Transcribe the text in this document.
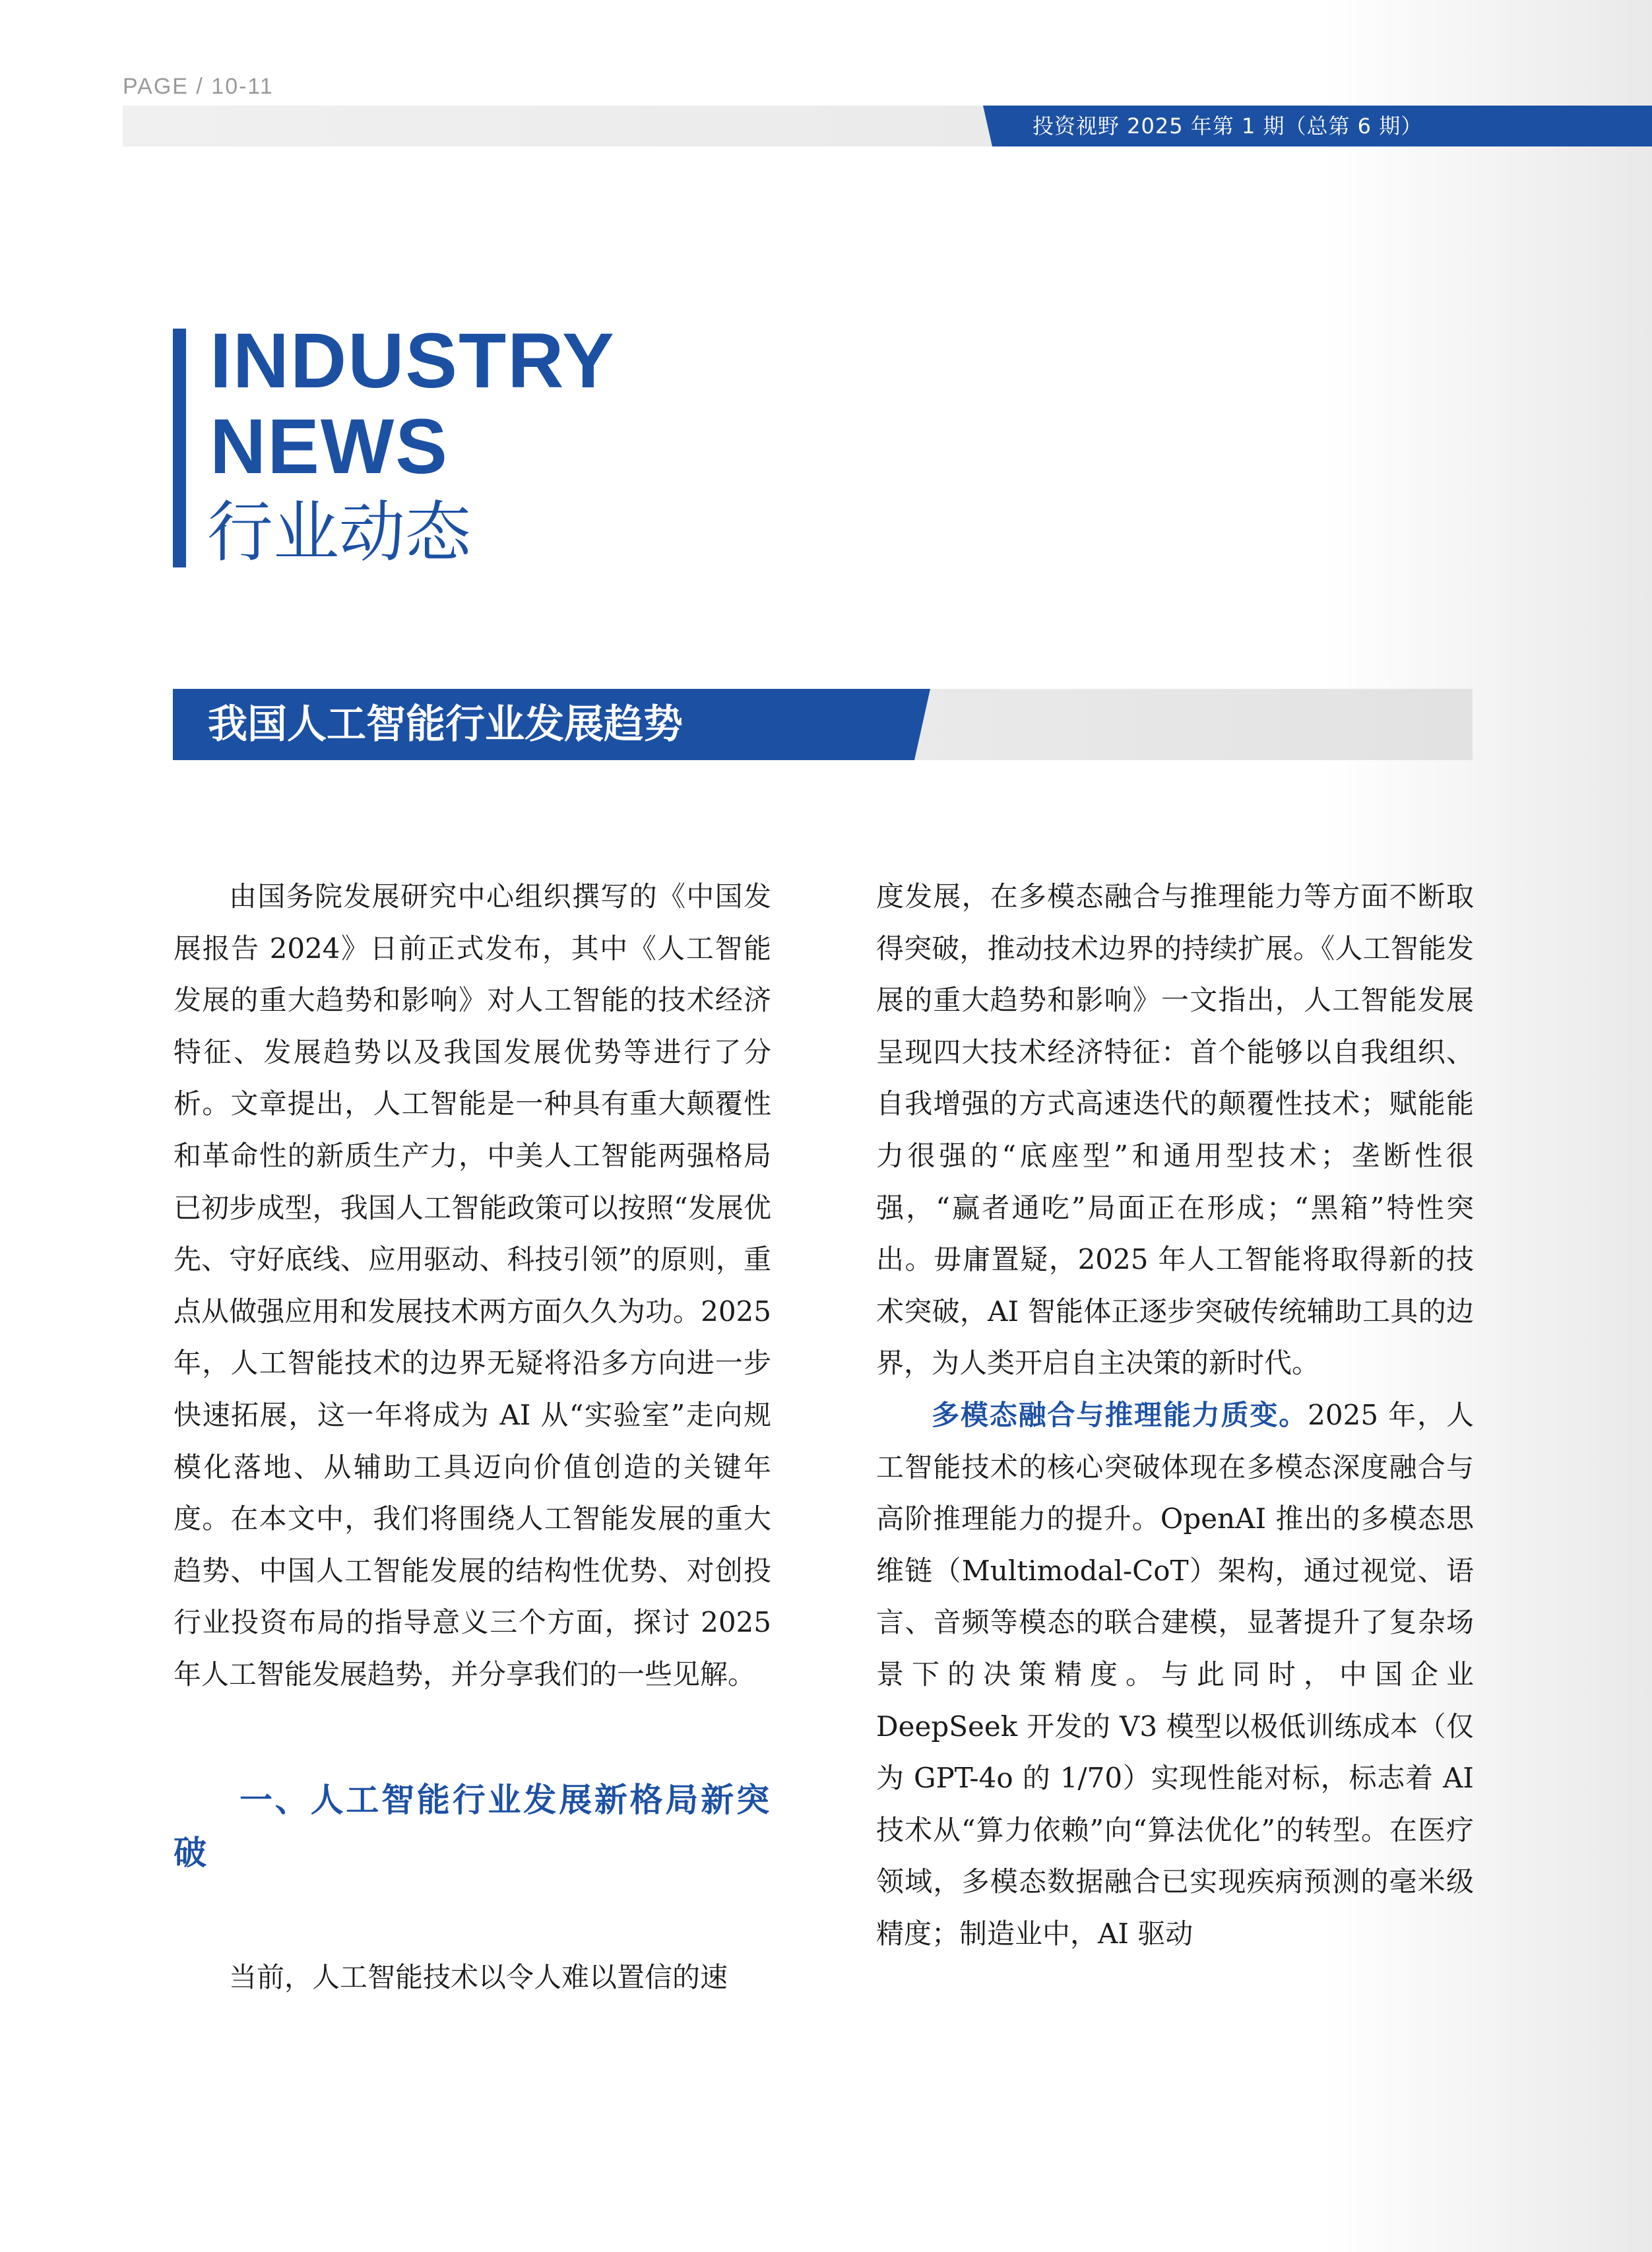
PAGE / 10-11
投资视野 2025 年第 1 期（总第 6 期）
INDUSTRY
NEWS
行业动态
我国人工智能行业发展趋势

由国务院发展研究中心组织撰写的《中国发展报告 2024》日前正式发布，其中《人工智能发展的重大趋势和影响》对人工智能的技术经济特征、发展趋势以及我国发展优势等进行了分析。文章提出，人工智能是一种具有重大颠覆性和革命性的新质生产力，中美人工智能两强格局已初步成型，我国人工智能政策可以按照“发展优先、守好底线、应用驱动、科技引领”的原则，重点从做强应用和发展技术两方面久久为功。2025 年，人工智能技术的边界无疑将沿多方向进一步快速拓展，这一年将成为 AI 从“实验室”走向规模化落地、从辅助工具迈向价值创造的关键年度。在本文中，我们将围绕人工智能发展的重大趋势、中国人工智能发展的结构性优势、对创投行业投资布局的指导意义三个方面，探讨 2025 年人工智能发展趋势，并分享我们的一些见解。

一、人工智能行业发展新格局新突破

当前，人工智能技术以令人难以置信的速

度发展，在多模态融合与推理能力等方面不断取得突破，推动技术边界的持续扩展。《人工智能发展的重大趋势和影响》一文指出，人工智能发展呈现四大技术经济特征：首个能够以自我组织、自我增强的方式高速迭代的颠覆性技术；赋能能力很强的“底座型”和通用型技术；垄断性很强，“赢者通吃”局面正在形成；“黑箱”特性突出。毋庸置疑，2025 年人工智能将取得新的技术突破，AI 智能体正逐步突破传统辅助工具的边界，为人类开启自主决策的新时代。

多模态融合与推理能力质变。2025 年，人工智能技术的核心突破体现在多模态深度融合与高阶推理能力的提升。OpenAI 推出的多模态思维链（Multimodal-CoT）架构，通过视觉、语言、音频等模态的联合建模，显著提升了复杂场景下的决策精度。与此同时，中国企业 DeepSeek 开发的 V3 模型以极低训练成本（仅为 GPT-4o 的 1/70）实现性能对标，标志着 AI 技术从“算力依赖”向“算法优化”的转型。在医疗领域，多模态数据融合已实现疾病预测的毫米级精度；制造业中，AI 驱动
